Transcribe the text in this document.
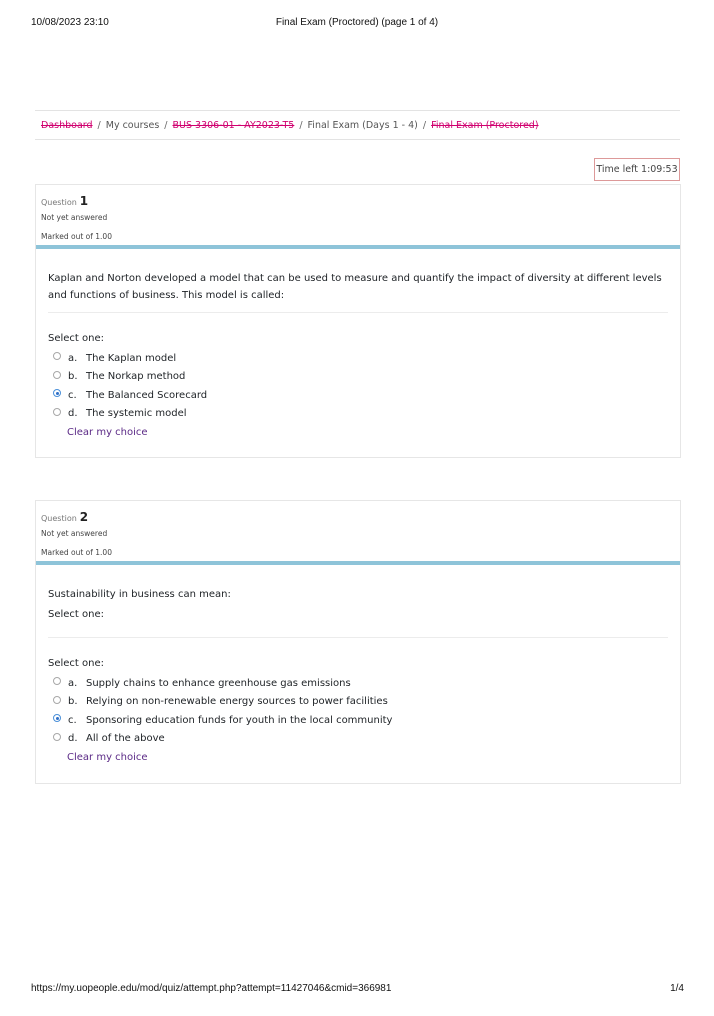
10/08/2023 23:10	Final Exam (Proctored) (page 1 of 4)
Dashboard / My courses / BUS 3306-01 - AY2023-T5 / Final Exam (Days 1 - 4) / Final Exam (Proctored)
Time left 1:09:53
Question 1
Not yet answered
Marked out of 1.00
Kaplan and Norton developed a model that can be used to measure and quantify the impact of diversity at different levels and functions of business. This model is called:
Select one:
a. The Kaplan model
b. The Norkap method
c. The Balanced Scorecard
d. The systemic model
Clear my choice
Question 2
Not yet answered
Marked out of 1.00
Sustainability in business can mean:
Select one:
Select one:
a. Supply chains to enhance greenhouse gas emissions
b. Relying on non-renewable energy sources to power facilities
c. Sponsoring education funds for youth in the local community
d. All of the above
Clear my choice
https://my.uopeople.edu/mod/quiz/attempt.php?attempt=11427046&cmid=366981	1/4
